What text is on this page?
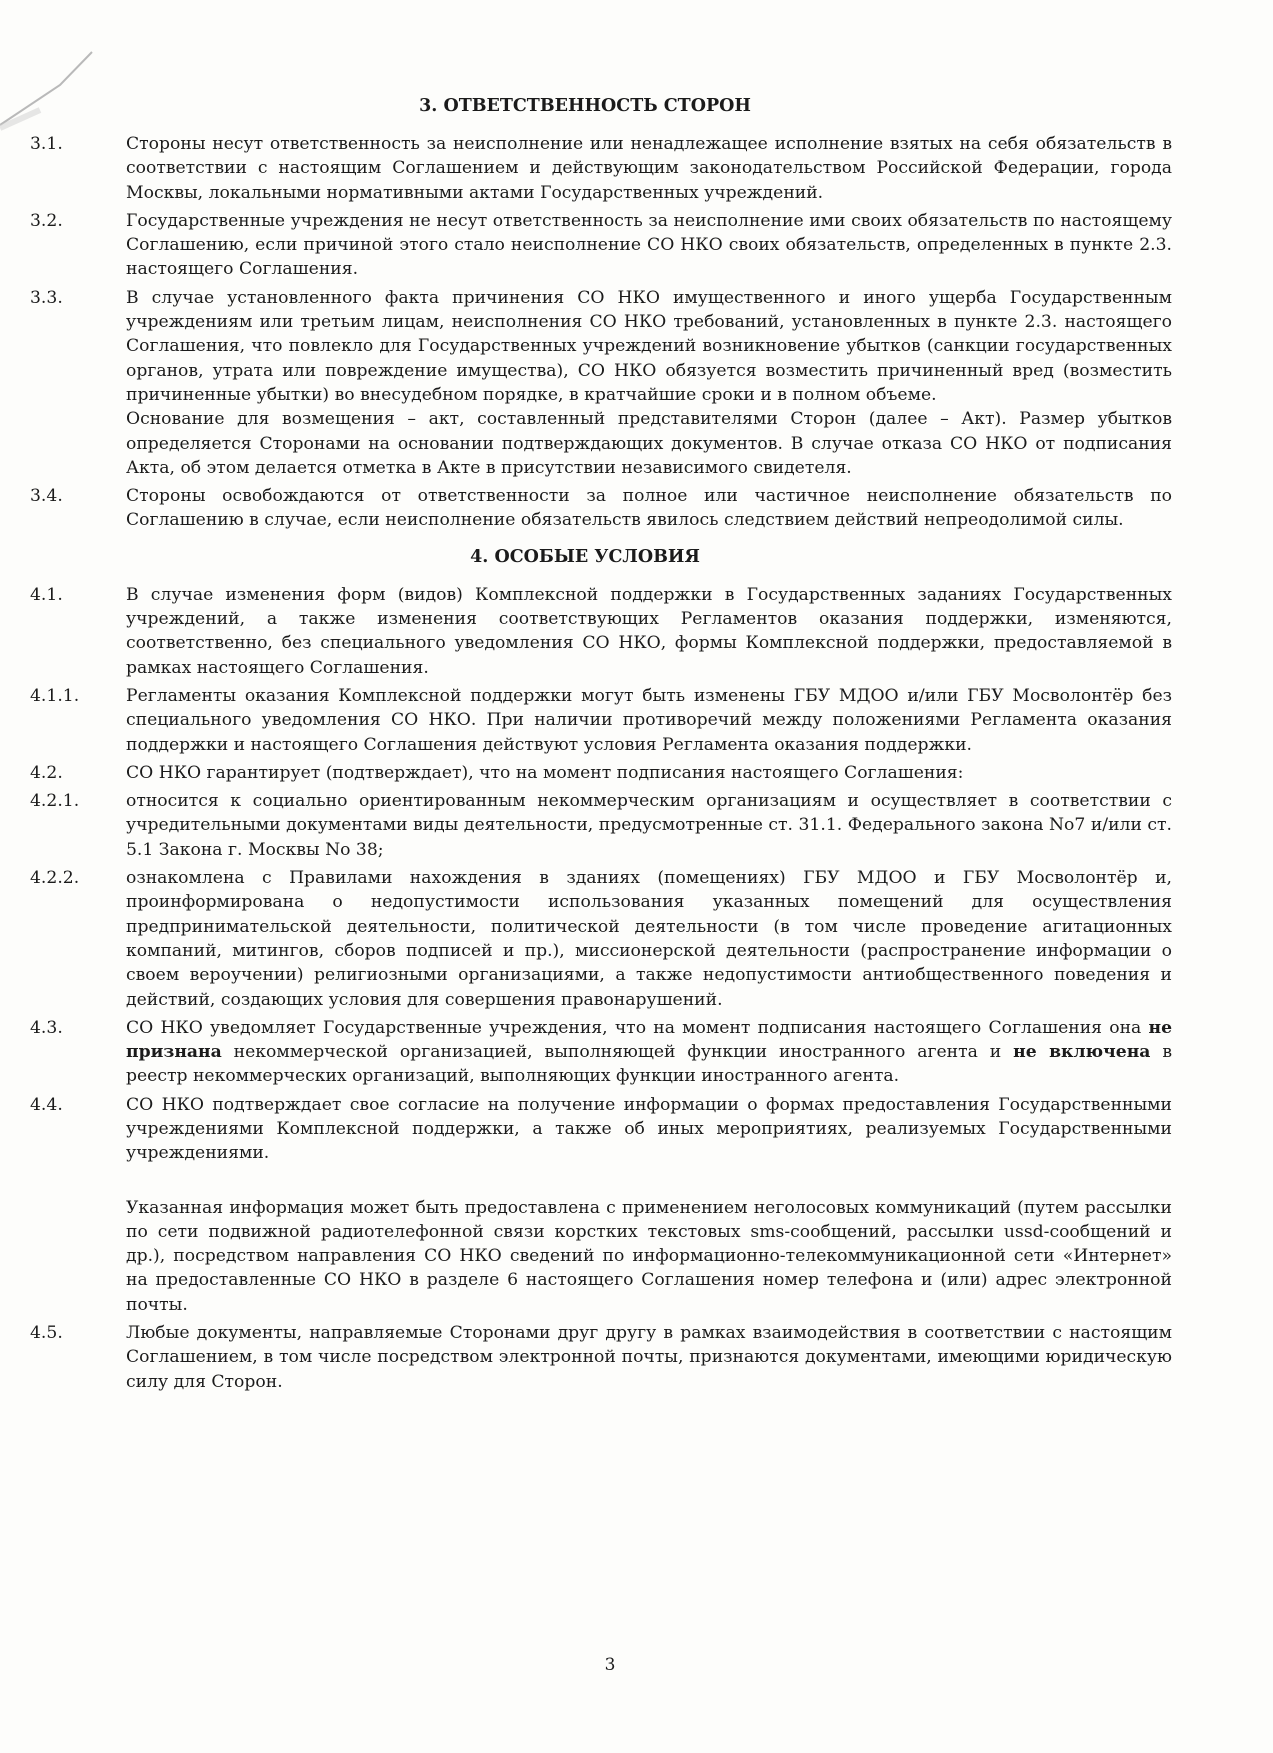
3. ОТВЕТСТВЕННОСТЬ СТОРОН
3.1.	Стороны несут ответственность за неисполнение или ненадлежащее исполнение взятых на себя обязательств в соответствии с настоящим Соглашением и действующим законодательством Российской Федерации, города Москвы, локальными нормативными актами Государственных учреждений.

3.2.	Государственные учреждения не несут ответственность за неисполнение ими своих обязательств по настоящему Соглашению, если причиной этого стало неисполнение СО НКО своих обязательств, определенных в пункте 2.3. настоящего Соглашения.

3.3.	В случае установленного факта причинения СО НКО имущественного и иного ущерба Государственным учреждениям или третьим лицам, неисполнения СО НКО требований, установленных в пункте 2.3. настоящего Соглашения, что повлекло для Государственных учреждений возникновение убытков (санкции государственных органов, утрата или повреждение имущества), СО НКО обязуется возместить причиненный вред (возместить причиненные убытки) во внесудебном порядке, в кратчайшие сроки и в полном объеме.

Основание для возмещения – акт, составленный представителями Сторон (далее – Акт). Размер убытков определяется Сторонами на основании подтверждающих документов. В случае отказа СО НКО от подписания Акта, об этом делается отметка в Акте в присутствии независимого свидетеля.

3.4.	Стороны освобождаются от ответственности за полное или частичное неисполнение обязательств по Соглашению в случае, если неисполнение обязательств явилось следствием действий непреодолимой силы.

4. ОСОБЫЕ УСЛОВИЯ
4.1.	В случае изменения форм (видов) Комплексной поддержки в Государственных заданиях Государственных учреждений, а также изменения соответствующих Регламентов оказания поддержки, изменяются, соответственно, без специального уведомления СО НКО, формы Комплексной поддержки, предоставляемой в рамках настоящего Соглашения.

4.1.1.	Регламенты оказания Комплексной поддержки могут быть изменены ГБУ МДОО и/или ГБУ Мосволонтёр без специального уведомления СО НКО. При наличии противоречий между положениями Регламента оказания поддержки и настоящего Соглашения действуют условия Регламента оказания поддержки.

4.2.	СО НКО гарантирует (подтверждает), что на момент подписания настоящего Соглашения:

4.2.1.	относится к социально ориентированным некоммерческим организациям и осуществляет в соответствии с учредительными документами виды деятельности, предусмотренные ст. 31.1. Федерального закона No7 и/или ст. 5.1 Закона г. Москвы No 38;

4.2.2.	ознакомлена с Правилами нахождения в зданиях (помещениях) ГБУ МДОО и ГБУ Мосволонтёр и, проинформирована о недопустимости использования указанных помещений для осуществления предпринимательской деятельности, политической деятельности (в том числе проведение агитационных компаний, митингов, сборов подписей и пр.), миссионерской деятельности (распространение информации о своем вероучении) религиозными организациями, а также недопустимости антиобщественного поведения и действий, создающих условия для совершения правонарушений.

4.3.	СО НКО уведомляет Государственные учреждения, что на момент подписания настоящего Соглашения она не признана некоммерческой организацией, выполняющей функции иностранного агента и не включена в реестр некоммерческих организаций, выполняющих функции иностранного агента.

4.4.	СО НКО подтверждает свое согласие на получение информации о формах предоставления Государственными учреждениями Комплексной поддержки, а также об иных мероприятиях, реализуемых Государственными учреждениями.

Указанная информация может быть предоставлена с применением неголосовых коммуникаций (путем рассылки по сети подвижной радиотелефонной связи корстких текстовых sms-сообщений, рассылки ussd-сообщений и др.), посредством направления СО НКО сведений по информационно-телекоммуникационной сети «Интернет» на предоставленные СО НКО в разделе 6 настоящего Соглашения номер телефона и (или) адрес электронной почты.

4.5.	Любые документы, направляемые Сторонами друг другу в рамках взаимодействия в соответствии с настоящим Соглашением, в том числе посредством электронной почты, признаются документами, имеющими юридическую силу для Сторон.

3
